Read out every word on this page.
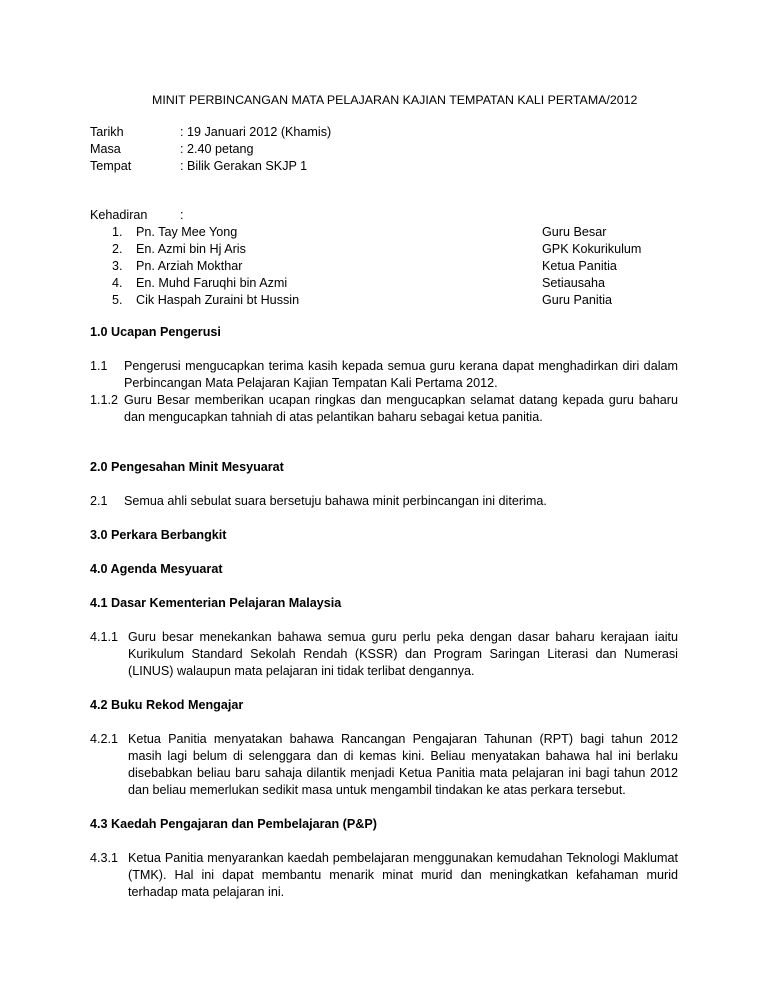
MINIT PERBINCANGAN MATA PELAJARAN KAJIAN TEMPATAN KALI PERTAMA/2012
Tarikh	: 19 Januari 2012 (Khamis)
Masa	: 2.40 petang
Tempat	: Bilik Gerakan SKJP 1
Kehadiran	:
1. Pn. Tay Mee Yong	Guru Besar
2. En. Azmi bin Hj Aris	GPK Kokurikulum
3. Pn. Arziah Mokthar	Ketua Panitia
4. En. Muhd Faruqhi bin Azmi	Setiausaha
5. Cik Haspah Zuraini bt Hussin	Guru Panitia
1.0 Ucapan Pengerusi
1.1 Pengerusi mengucapkan terima kasih kepada semua guru kerana dapat menghadirkan diri dalam Perbincangan Mata Pelajaran Kajian Tempatan Kali Pertama 2012.
1.1.2 Guru Besar memberikan ucapan ringkas dan mengucapkan selamat datang kepada guru baharu dan mengucapkan tahniah di atas pelantikan baharu sebagai ketua panitia.
2.0 Pengesahan Minit Mesyuarat
2.1 Semua ahli sebulat suara bersetuju bahawa minit perbincangan ini diterima.
3.0 Perkara Berbangkit
4.0 Agenda Mesyuarat
4.1 Dasar Kementerian Pelajaran Malaysia
4.1.1 Guru besar menekankan bahawa semua guru perlu peka dengan dasar baharu kerajaan iaitu Kurikulum Standard Sekolah Rendah (KSSR) dan Program Saringan Literasi dan Numerasi (LINUS) walaupun mata pelajaran ini tidak terlibat dengannya.
4.2 Buku Rekod Mengajar
4.2.1 Ketua Panitia menyatakan bahawa Rancangan Pengajaran Tahunan (RPT) bagi tahun 2012 masih lagi belum di selenggara dan di kemas kini. Beliau menyatakan bahawa hal ini berlaku disebabkan beliau baru sahaja dilantik menjadi Ketua Panitia mata pelajaran ini bagi tahun 2012 dan beliau memerlukan sedikit masa untuk mengambil tindakan ke atas perkara tersebut.
4.3 Kaedah Pengajaran dan Pembelajaran (P&P)
4.3.1 Ketua Panitia menyarankan kaedah pembelajaran menggunakan kemudahan Teknologi Maklumat (TMK). Hal ini dapat membantu menarik minat murid dan meningkatkan kefahaman murid terhadap mata pelajaran ini.
